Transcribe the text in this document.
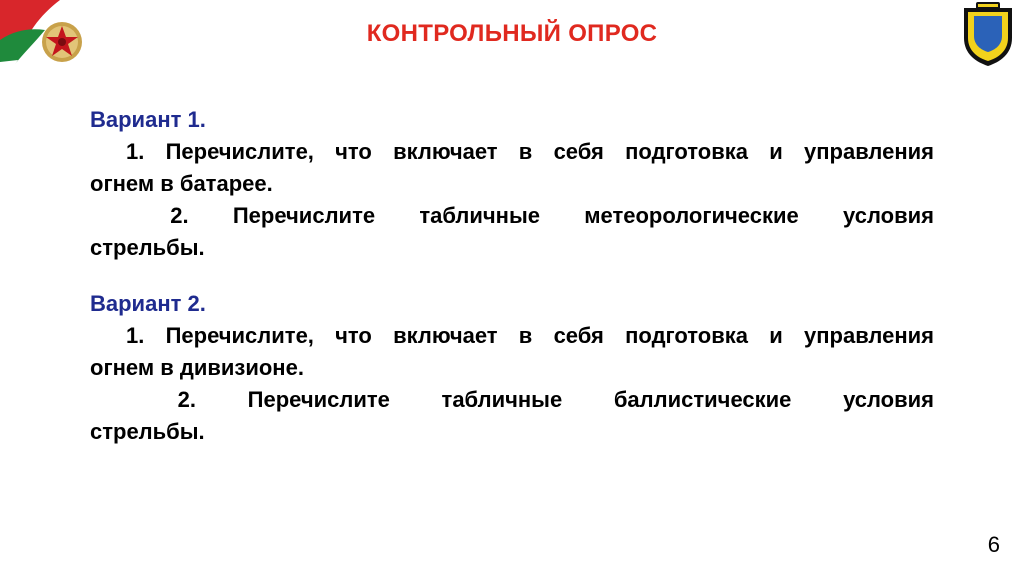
КОНТРОЛЬНЫЙ ОПРОС
Вариант 1.
1. Перечислите, что включает в себя подготовка и управления
огнем в батарее.
2. Перечислите табличные метеорологические условия
стрельбы.
Вариант 2.
1. Перечислите, что включает в себя подготовка и управления
огнем в дивизионе.
2. Перечислите табличные баллистические условия
стрельбы.
6
